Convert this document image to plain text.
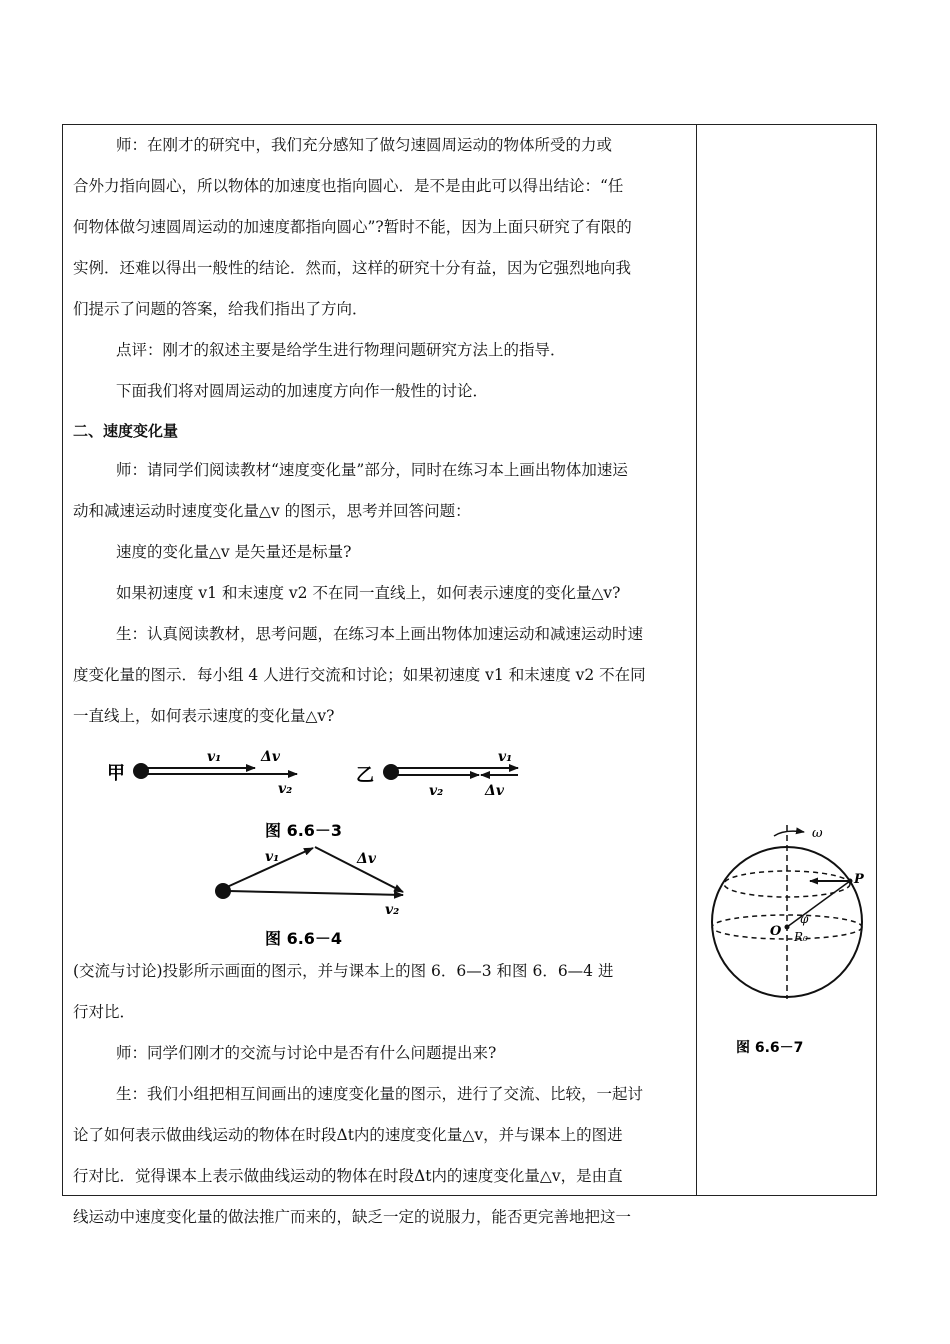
师：在刚才的研究中，我们充分感知了做匀速圆周运动的物体所受的力或

合外力指向圆心，所以物体的加速度也指向圆心．是不是由此可以得出结论：“任

何物体做匀速圆周运动的加速度都指向圆心”?暂时不能，因为上面只研究了有限的

实例．还难以得出一般性的结论．然而，这样的研究十分有益，因为它强烈地向我

们提示了问题的答案，给我们指出了方向．

点评：刚才的叙述主要是给学生进行物理问题研究方法上的指导．

下面我们将对圆周运动的加速度方向作一般性的讨论．

二、速度变化量

师：请同学们阅读教材“速度变化量”部分，同时在练习本上画出物体加速运

动和减速运动时速度变化量△v 的图示，思考并回答问题：

速度的变化量△v 是矢量还是标量?

如果初速度 v1 和末速度 v2 不在同一直线上，如何表示速度的变化量△v?

生：认真阅读教材，思考问题，在练习本上画出物体加速运动和减速运动时速

度变化量的图示．每小组 4 人进行交流和讨论；如果初速度 v1 和末速度 v2 不在同

一直线上，如何表示速度的变化量△v?

甲
v₁	Δv
v₂
乙
v₁
v₂	Δv
图 6.6－3
v₁	Δv
v₂
图 6.6－4

(交流与讨论)投影所示画面的图示，并与课本上的图 6．6—3 和图 6．6—4 进

行对比．

师：同学们刚才的交流与讨论中是否有什么问题提出来?

生：我们小组把相互间画出的速度变化量的图示，进行了交流、比较，一起讨

论了如何表示做曲线运动的物体在时段Δt内的速度变化量△v，并与课本上的图进

行对比．觉得课本上表示做曲线运动的物体在时段Δt内的速度变化量△v，是由直

线运动中速度变化量的做法推广而来的，缺乏一定的说服力，能否更完善地把这一

ω
P
O
φ
R₀
图 6.6－7
